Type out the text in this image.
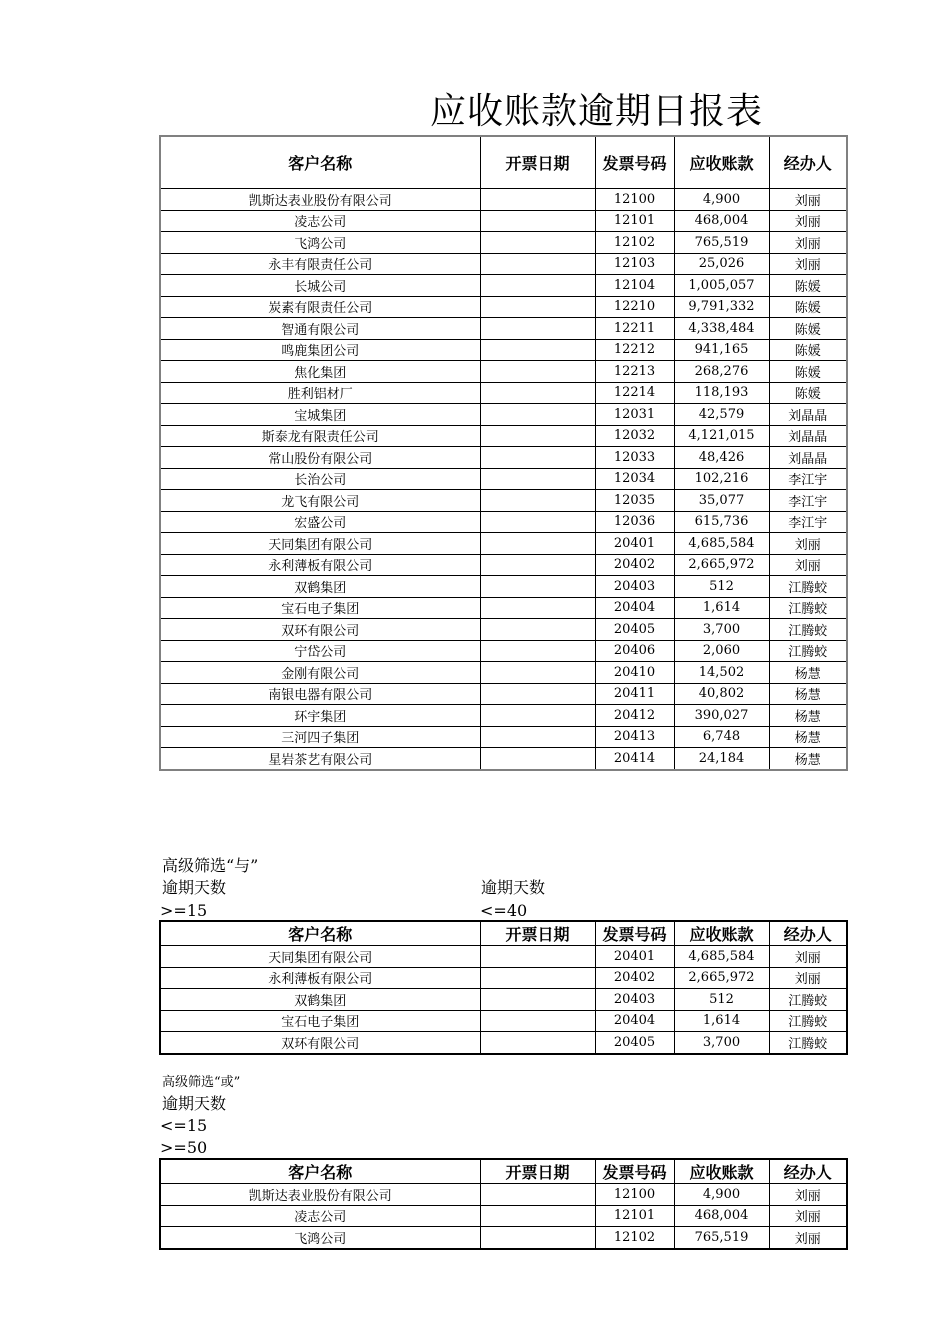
应收账款逾期日报表
客户名称	开票日期	发票号码	应收账款	经办人
凯斯达表业股份有限公司		12100	4,900	刘丽
凌志公司		12101	468,004	刘丽
飞鸿公司		12102	765,519	刘丽
永丰有限责任公司		12103	25,026	刘丽
长城公司		12104	1,005,057	陈媛
炭素有限责任公司		12210	9,791,332	陈媛
智通有限公司		12211	4,338,484	陈媛
鸣鹿集团公司		12212	941,165	陈媛
焦化集团		12213	268,276	陈媛
胜利铝材厂		12214	118,193	陈媛
宝城集团		12031	42,579	刘晶晶
斯泰龙有限责任公司		12032	4,121,015	刘晶晶
常山股份有限公司		12033	48,426	刘晶晶
长治公司		12034	102,216	李江宇
龙飞有限公司		12035	35,077	李江宇
宏盛公司		12036	615,736	李江宇
天同集团有限公司		20401	4,685,584	刘丽
永利薄板有限公司		20402	2,665,972	刘丽
双鹤集团		20403	512	江腾蛟
宝石电子集团		20404	1,614	江腾蛟
双环有限公司		20405	3,700	江腾蛟
宁岱公司		20406	2,060	江腾蛟
金刚有限公司		20410	14,502	杨慧
南银电器有限公司		20411	40,802	杨慧
环宇集团		20412	390,027	杨慧
三河四子集团		20413	6,748	杨慧
星岩茶艺有限公司		20414	24,184	杨慧
高级筛选“与”
逾期天数	逾期天数
>=15	<=40
客户名称	开票日期	发票号码	应收账款	经办人
天同集团有限公司		20401	4,685,584	刘丽
永利薄板有限公司		20402	2,665,972	刘丽
双鹤集团		20403	512	江腾蛟
宝石电子集团		20404	1,614	江腾蛟
双环有限公司		20405	3,700	江腾蛟
高级筛选“或”
逾期天数
<=15
>=50
客户名称	开票日期	发票号码	应收账款	经办人
凯斯达表业股份有限公司		12100	4,900	刘丽
凌志公司		12101	468,004	刘丽
飞鸿公司		12102	765,519	刘丽
